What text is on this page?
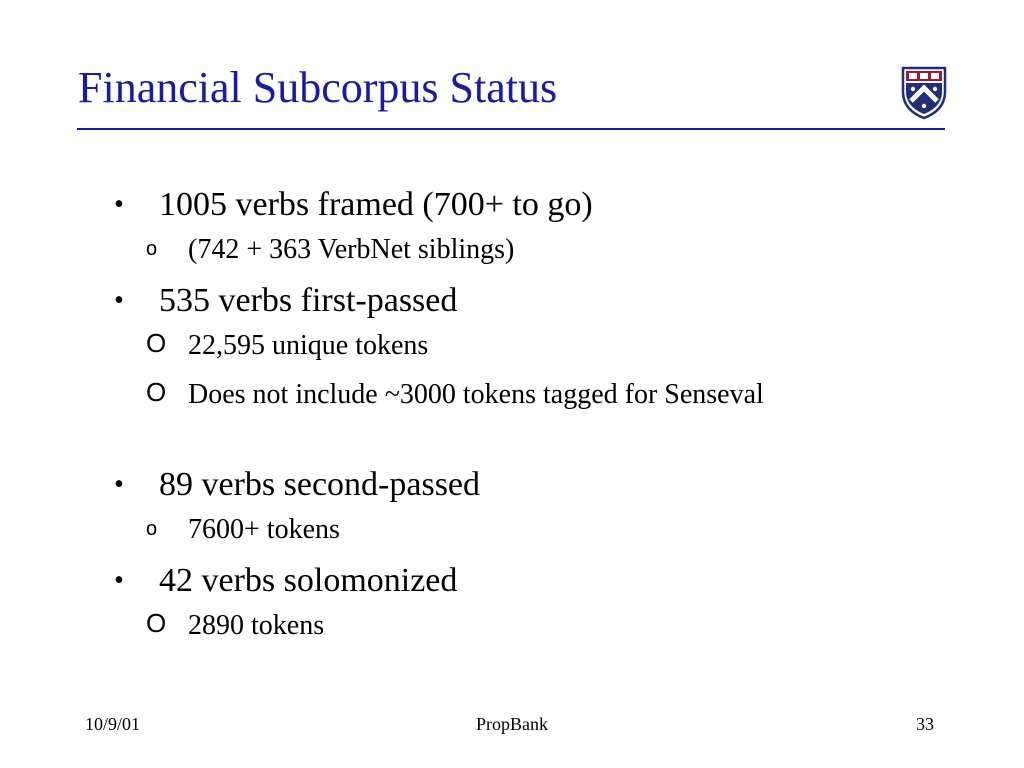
Financial Subcorpus Status
• 1005 verbs framed (700+ to go)
o (742 + 363 VerbNet siblings)
• 535 verbs first-passed
O 22,595 unique tokens
O Does not include ~3000 tokens tagged for Senseval
• 89 verbs second-passed
o 7600+ tokens
• 42 verbs solomonized
O 2890 tokens
10/9/01	PropBank	33
